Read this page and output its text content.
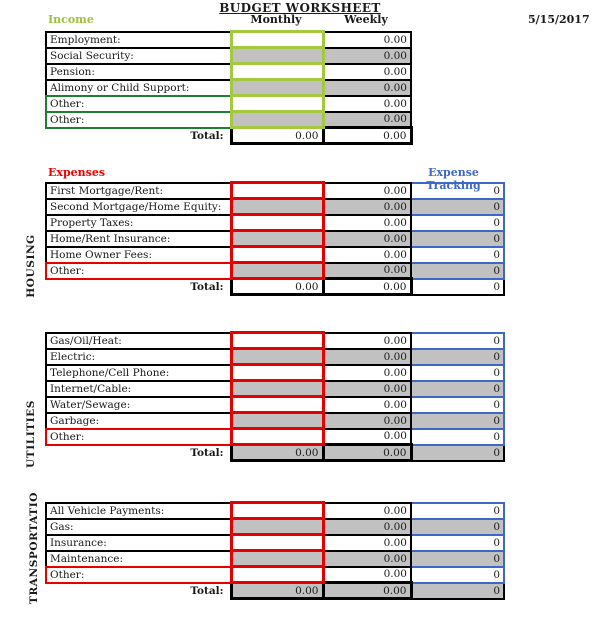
BUDGET WORKSHEET
5/15/2017
Income	Monthly	Weekly
Employment:		0.00
Social Security:		0.00
Pension:		0.00
Alimony or Child Support:		0.00
Other:		0.00
Other:		0.00
Total:	0.00	0.00
Expenses	Expense Tracking
HOUSING
First Mortgage/Rent:		0.00	0
Second Mortgage/Home Equity:		0.00	0
Property Taxes:		0.00	0
Home/Rent Insurance:		0.00	0
Home Owner Fees:		0.00	0
Other:		0.00	0
Total:	0.00	0.00	0
UTILITIES
Gas/Oil/Heat:		0.00	0
Electric:		0.00	0
Telephone/Cell Phone:		0.00	0
Internet/Cable:		0.00	0
Water/Sewage:		0.00	0
Garbage:		0.00	0
Other:		0.00	0
Total:	0.00	0.00	0
TRANSPORTATIO All Vehicle Payments:		0.00	0
Gas:		0.00	0
Insurance:		0.00	0
Maintenance:		0.00	0
Other:		0.00	0
Total:	0.00	0.00	0
